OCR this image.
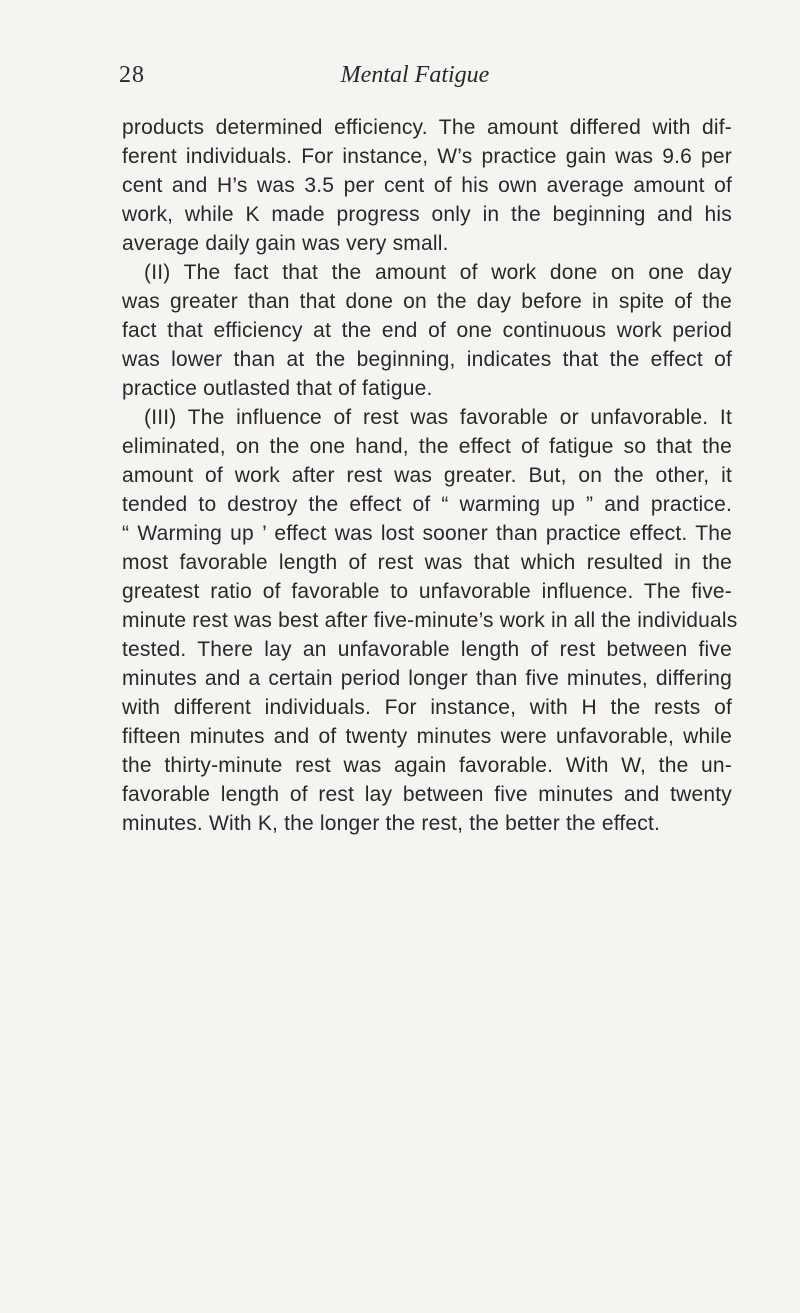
28	Mental Fatigue
products determined efficiency. The amount differed with dif-
ferent individuals. For instance, W’s practice gain was 9.6 per
cent and H’s was 3.5 per cent of his own average amount of
work, while K made progress only in the beginning and his
average daily gain was very small.
(II) The fact that the amount of work done on one day
was greater than that done on the day before in spite of the
fact that efficiency at the end of one continuous work period
was lower than at the beginning, indicates that the effect of
practice outlasted that of fatigue.
(III) The influence of rest was favorable or unfavorable. It
eliminated, on the one hand, the effect of fatigue so that the
amount of work after rest was greater. But, on the other, it
tended to destroy the effect of “ warming up ” and practice.
“ Warming up ’ effect was lost sooner than practice effect. The
most favorable length of rest was that which resulted in the
greatest ratio of favorable to unfavorable influence. The five-
minute rest was best after five-minute’s work in all the individuals
tested. There lay an unfavorable length of rest between five
minutes and a certain period longer than five minutes, differing
with different individuals. For instance, with H the rests of
fifteen minutes and of twenty minutes were unfavorable, while
the thirty-minute rest was again favorable. With W, the un-
favorable length of rest lay between five minutes and twenty
minutes. With K, the longer the rest, the better the effect.
